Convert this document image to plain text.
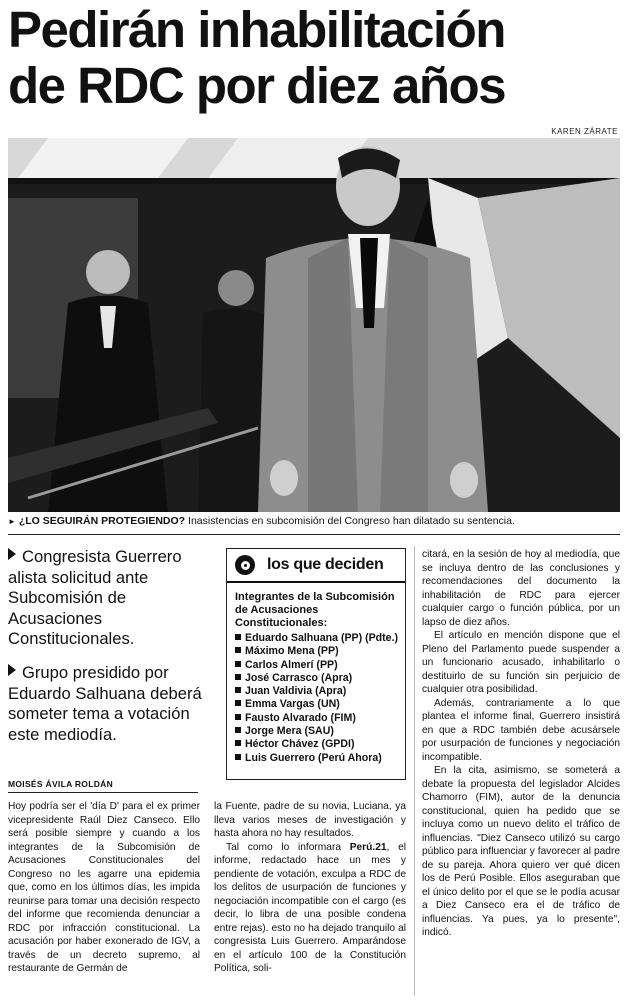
Pedirán inhabilitación
de RDC por diez años
KAREN ZÁRATE
► ¿LO SEGUIRÁN PROTEGIENDO? Inasistencias en subcomisión del Congreso han dilatado su sentencia.
Congresista Guerrero alista solicitud ante Subcomisión de Acusaciones Constitucionales.
Grupo presidido por Eduardo Salhuana deberá someter tema a votación este mediodía.
MOISÉS ÁVILA ROLDÁN
los que deciden
Integrantes de la Subcomisión de Acusaciones Constitucionales:
Eduardo Salhuana (PP) (Pdte.)
Máximo Mena (PP)
Carlos Almerí (PP)
José Carrasco (Apra)
Juan Valdivia (Apra)
Emma Vargas (UN)
Fausto Alvarado (FIM)
Jorge Mera (SAU)
Héctor Chávez (GPDI)
Luis Guerrero (Perú Ahora)

Hoy podría ser el 'día D' para el ex primer vicepresidente Raúl Diez Canseco. Ello será posible siempre y cuando a los integrantes de la Subcomisión de Acusaciones Constitucionales del Congreso no les agarre una epidemia que, como en los últimos días, les impida reunirse para tomar una decisión respecto del informe que recomienda denunciar a RDC por infracción constitucional. La acusación por haber exonerado de IGV, a través de un decreto supremo, al restaurante de Germán de

la Fuente, padre de su novia, Luciana, ya lleva varios meses de investigación y hasta ahora no hay resultados.

Tal como lo informara Perú.21, el informe, redactado hace un mes y pendiente de votación, exculpa a RDC de los delitos de usurpación de funciones y negociación incompatible con el cargo (es decir, lo libra de una posible condena entre rejas). esto no ha dejado tranquilo al congresista Luis Guerrero. Amparándose en el artículo 100 de la Constitución Política, soli-

citará, en la sesión de hoy al mediodía, que se incluya dentro de las conclusiones y recomendaciones del documento la inhabilitación de RDC para ejercer cualquier cargo o función pública, por un lapso de diez años.

El artículo en mención dispone que el Pleno del Parlamento puede suspender a un funcionario acusado, inhabilitarlo o destituirlo de su función sin perjuicio de cualquier otra posibilidad.

Además, contrariamente a lo que plantea el informe final, Guerrero insistirá en que a RDC también debe acusársele por usurpación de funciones y negociación incompatible.

En la cita, asimismo, se someterá a debate la propuesta del legislador Alcides Chamorro (FIM), autor de la denuncia constitucional, quien ha pedido que se incluya como un nuevo delito el tráfico de influencias. "Diez Canseco utilizó su cargo público para influenciar y favorecer al padre de su pareja. Ahora quiero ver qué dicen los de Perú Posible. Ellos aseguraban que el único delito por el que se le podía acusar a Diez Canseco era el de tráfico de influencias. Ya pues, ya lo presente", indicó.
